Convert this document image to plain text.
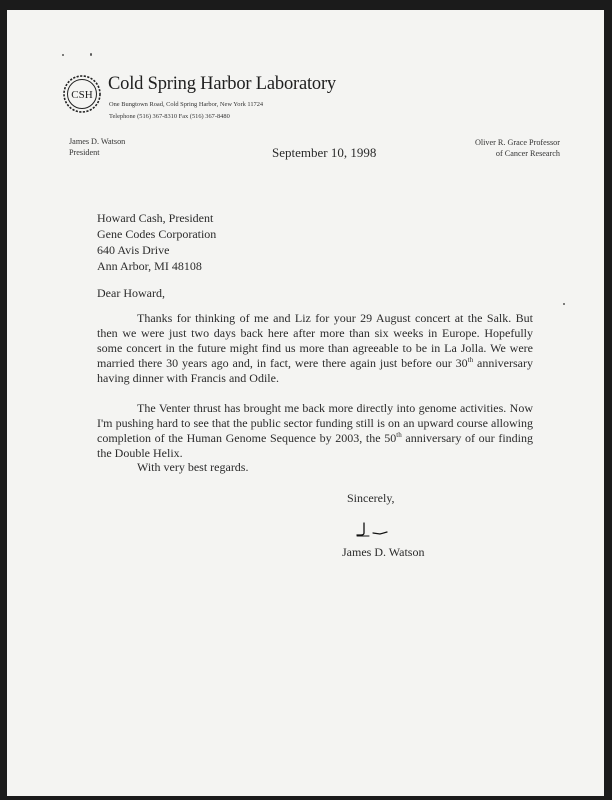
CSH
Cold Spring Harbor Laboratory
One Bungtown Road, Cold Spring Harbor, New York 11724
Telephone (516) 367-8310 Fax (516) 367-8480
James D. Watson
President
Oliver R. Grace Professor
of Cancer Research
September 10, 1998
Howard Cash, President
Gene Codes Corporation
640 Avis Drive
Ann Arbor, MI 48108
Dear Howard,
Thanks for thinking of me and Liz for your 29 August concert at the Salk. But then we were just two days back here after more than six weeks in Europe. Hopefully some concert in the future might find us more than agreeable to be in La Jolla. We were married there 30 years ago and, in fact, were there again just before our 30th anniversary having dinner with Francis and Odile.
The Venter thrust has brought me back more directly into genome activities. Now I'm pushing hard to see that the public sector funding still is on an upward course allowing completion of the Human Genome Sequence by 2003, the 50th anniversary of our finding the Double Helix.
With very best regards.
Sincerely,
James D. Watson
